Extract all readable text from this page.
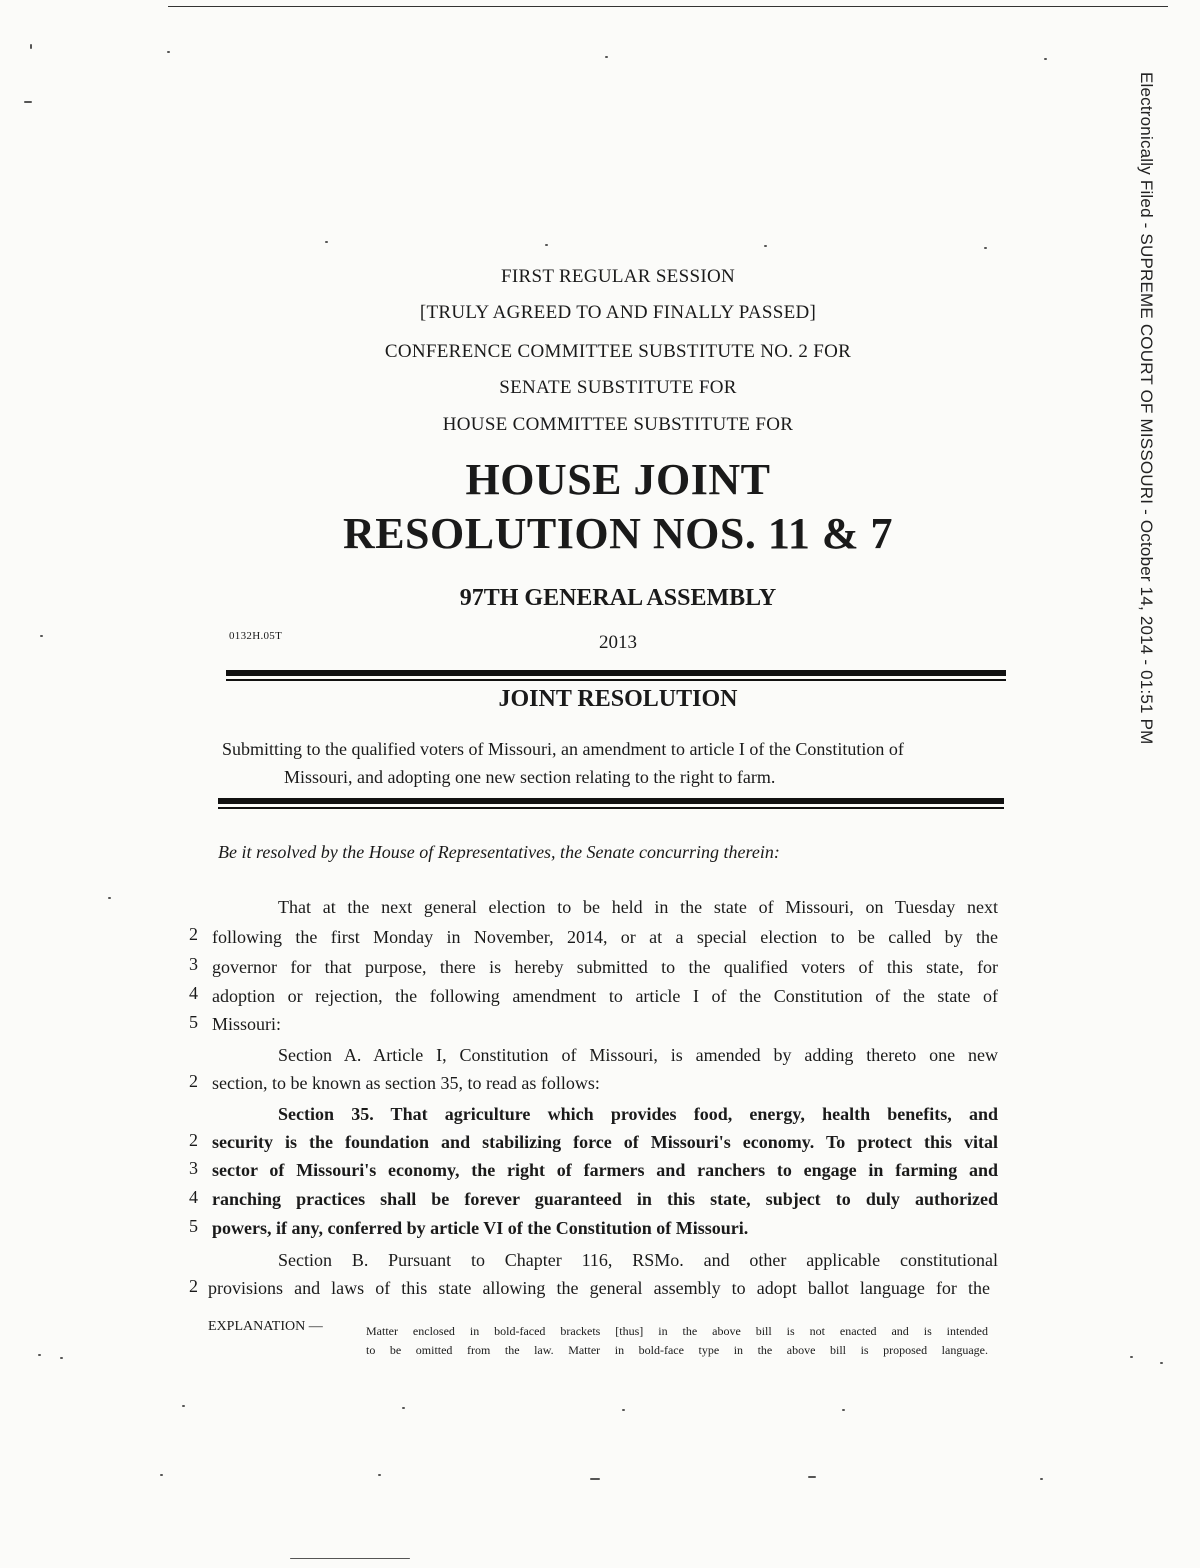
Electronically Filed - SUPREME COURT OF MISSOURI - October 14, 2014 - 01:51 PM
FIRST REGULAR SESSION
[TRULY AGREED TO AND FINALLY PASSED]
CONFERENCE COMMITTEE SUBSTITUTE NO. 2 FOR
SENATE SUBSTITUTE FOR
HOUSE COMMITTEE SUBSTITUTE FOR
HOUSE JOINT
RESOLUTION NOS. 11 & 7
97TH GENERAL ASSEMBLY
0132H.05T	2013
JOINT RESOLUTION
Submitting to the qualified voters of Missouri, an amendment to article I of the Constitution of
Missouri, and adopting one new section relating to the right to farm.
Be it resolved by the House of Representatives, the Senate concurring therein:
That at the next general election to be held in the state of Missouri, on Tuesday next
2 following the first Monday in November, 2014, or at a special election to be called by the
3 governor for that purpose, there is hereby submitted to the qualified voters of this state, for
4 adoption or rejection, the following amendment to article I of the Constitution of the state of
5 Missouri:
Section A. Article I, Constitution of Missouri, is amended by adding thereto one new
2 section, to be known as section 35, to read as follows:
Section 35. That agriculture which provides food, energy, health benefits, and
2 security is the foundation and stabilizing force of Missouri's economy. To protect this vital
3 sector of Missouri's economy, the right of farmers and ranchers to engage in farming and
4 ranching practices shall be forever guaranteed in this state, subject to duly authorized
5 powers, if any, conferred by article VI of the Constitution of Missouri.
Section B. Pursuant to Chapter 116, RSMo. and other applicable constitutional
2 provisions and laws of this state allowing the general assembly to adopt ballot language for the
EXPLANATION —	Matter enclosed in bold-faced brackets [thus] in the above bill is not enacted and is intended
to be omitted from the law. Matter in bold-face type in the above bill is proposed language.
